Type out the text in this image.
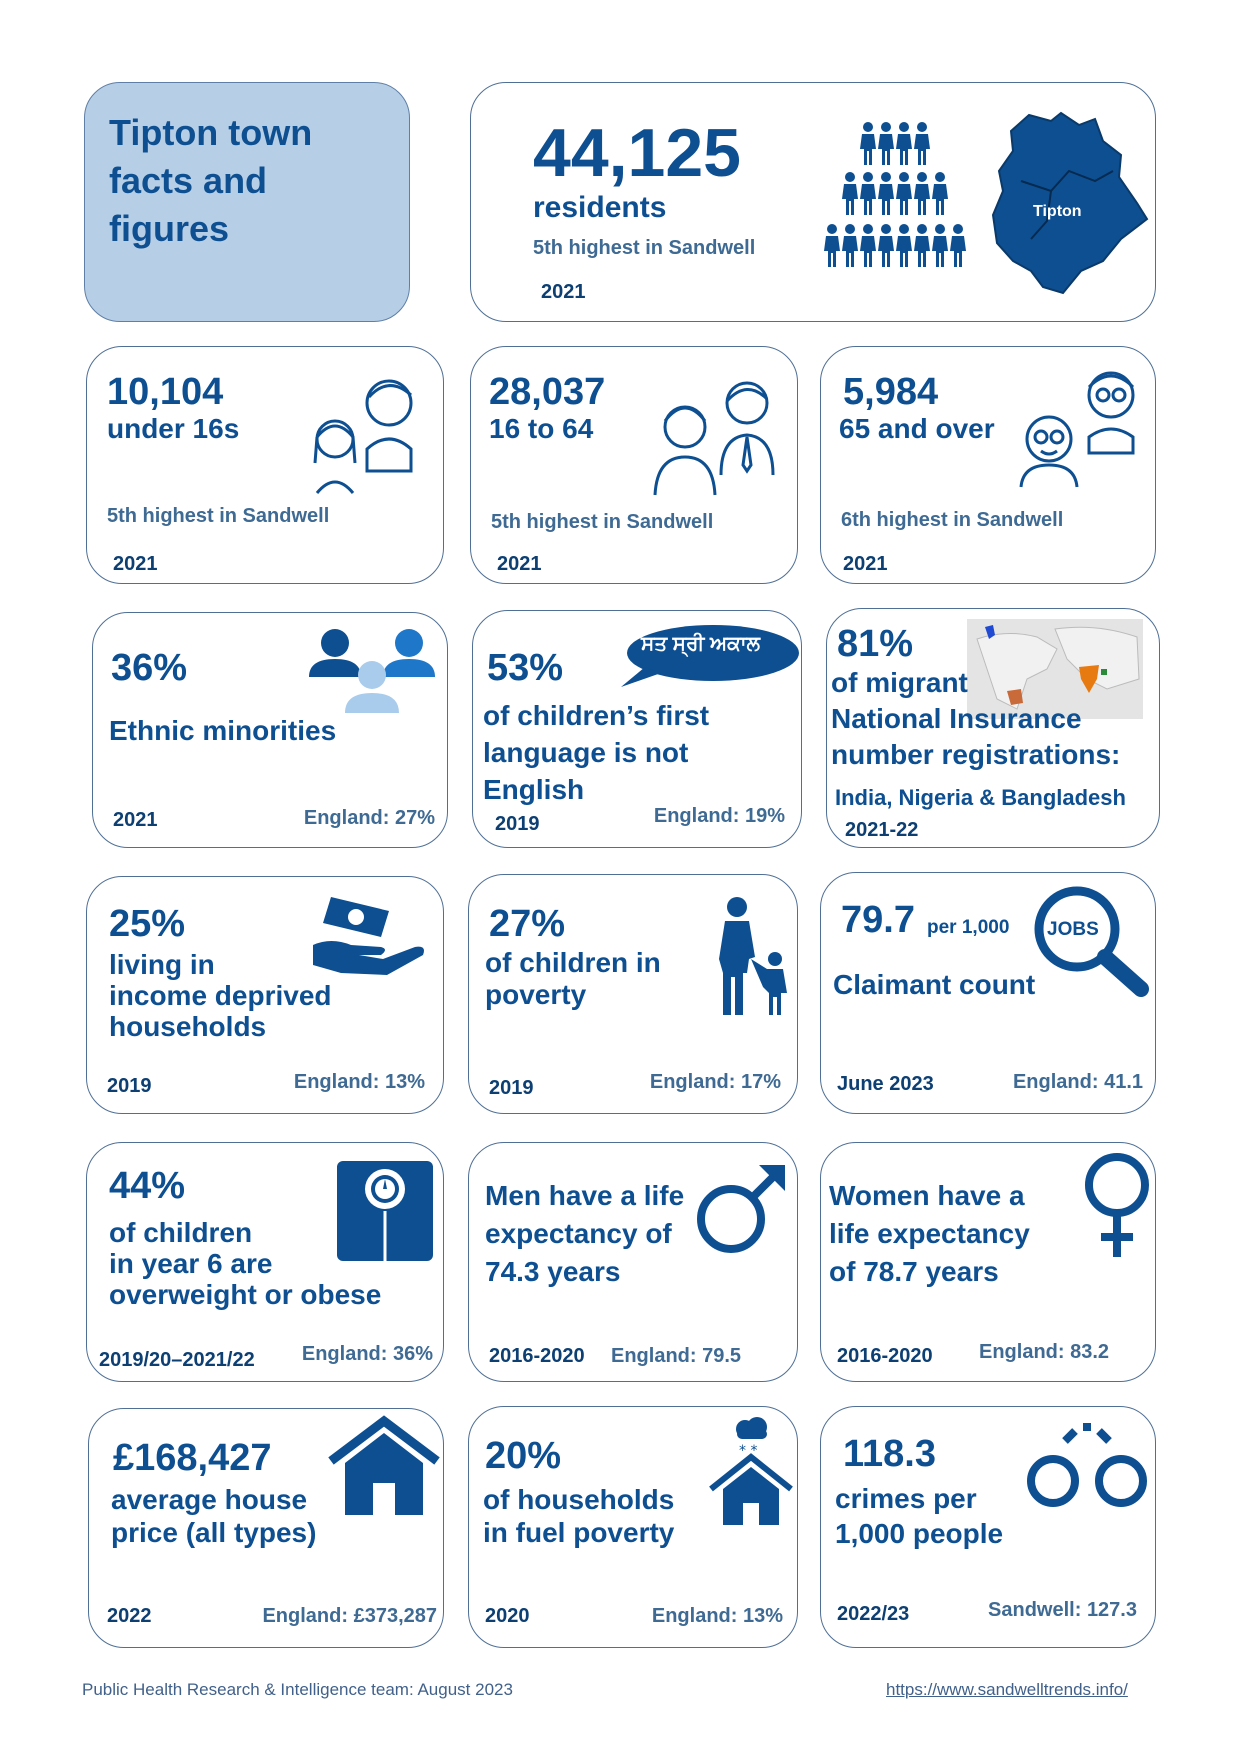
Tipton town
facts and
figures
44,125
residents
5th highest in Sandwell
2021
Tipton
10,104
under 16s
5th highest in Sandwell
2021
28,037
16 to 64
5th highest in Sandwell
2021
5,984
65 and over
6th highest in Sandwell
2021
36%
Ethnic minorities
2021	England: 27%
53%
of children’s first
language is not
English
2019	England: 19%
ਸਤ ਸ੍ਰੀ ਅਕਾਲ 81%
of migrant
National Insurance
number registrations:
India, Nigeria & Bangladesh
2021-22
25%
living in
income deprived
households
2019	England: 13%
27%
of children in
poverty
2019	England: 17%
79.7 per 1,000
Claimant count
June 2023	England: 41.1
JOBS
44%
of children
in year 6 are
overweight or obese
2019/20–2021/22 England: 36%
Men have a life
expectancy of
74.3 years
2016-2020 England: 79.5
Women have a
life expectancy
of 78.7 years
2016-2020 England: 83.2
£168,427
average house
price (all types)
2022	England: £373,287
20%
of households
in fuel poverty
2020	England: 13%
* * 118.3
crimes per
1,000 people
2022/23	Sandwell: 127.3
Public Health Research & Intelligence team: August 2023	https://www.sandwelltrends.info/
